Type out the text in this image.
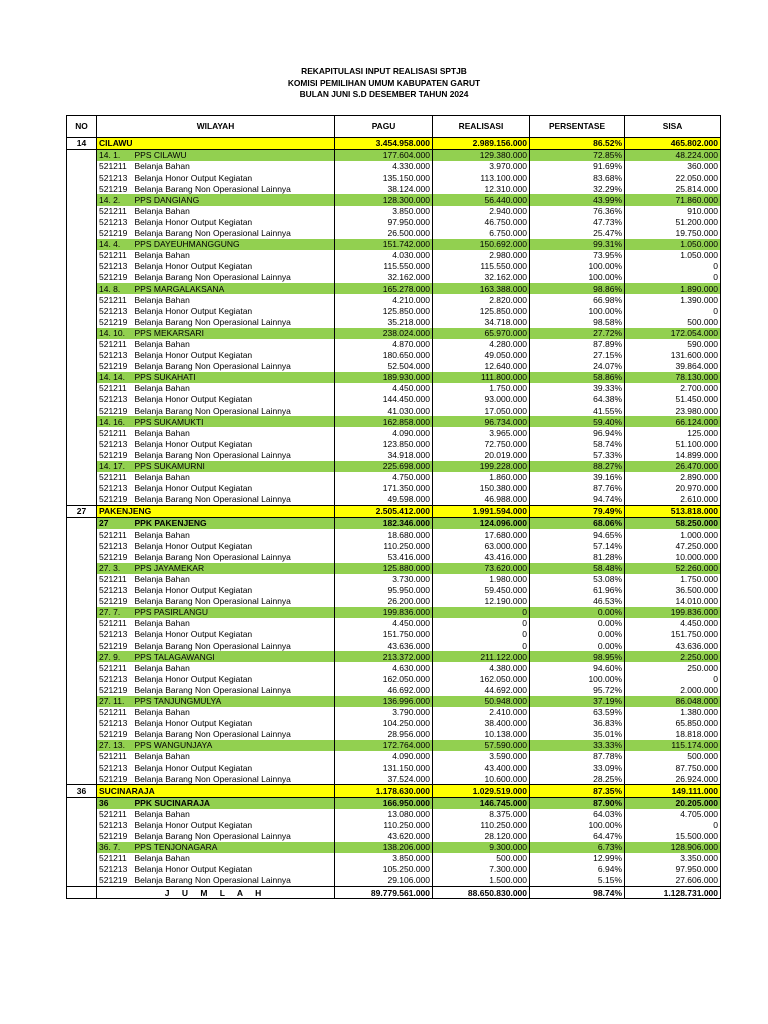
REKAPITULASI INPUT REALISASI SPTJB
KOMISI PEMILIHAN UMUM KABUPATEN GARUT
BULAN JUNI S.D DESEMBER TAHUN 2024
NO	WILAYAH		PAGU	REALISASI	PERSENTASE	SISA
14	CILAWU		3.454.958.000	2.989.156.000	86.52%	465.802.000
	14. 1.	PPS CILAWU	177.604.000	129.380.000	72.85%	48.224.000
	521211	Belanja Bahan	4.330.000	3.970.000	91.69%	360.000
	521213	Belanja Honor Output Kegiatan	135.150.000	113.100.000	83.68%	22.050.000
	521219	Belanja Barang Non Operasional Lainnya	38.124.000	12.310.000	32.29%	25.814.000
	14. 2.	PPS DANGIANG	128.300.000	56.440.000	43.99%	71.860.000
	521211	Belanja Bahan	3.850.000	2.940.000	76.36%	910.000
	521213	Belanja Honor Output Kegiatan	97.950.000	46.750.000	47.73%	51.200.000
	521219	Belanja Barang Non Operasional Lainnya	26.500.000	6.750.000	25.47%	19.750.000
	14. 4.	PPS DAYEUHMANGGUNG	151.742.000	150.692.000	99.31%	1.050.000
	521211	Belanja Bahan	4.030.000	2.980.000	73.95%	1.050.000
	521213	Belanja Honor Output Kegiatan	115.550.000	115.550.000	100.00%	0
	521219	Belanja Barang Non Operasional Lainnya	32.162.000	32.162.000	100.00%	0
	14. 8.	PPS MARGALAKSANA	165.278.000	163.388.000	98.86%	1.890.000
	521211	Belanja Bahan	4.210.000	2.820.000	66.98%	1.390.000
	521213	Belanja Honor Output Kegiatan	125.850.000	125.850.000	100.00%	0
	521219	Belanja Barang Non Operasional Lainnya	35.218.000	34.718.000	98.58%	500.000
	14. 10.	PPS MEKARSARI	238.024.000	65.970.000	27.72%	172.054.000
	521211	Belanja Bahan	4.870.000	4.280.000	87.89%	590.000
	521213	Belanja Honor Output Kegiatan	180.650.000	49.050.000	27.15%	131.600.000
	521219	Belanja Barang Non Operasional Lainnya	52.504.000	12.640.000	24.07%	39.864.000
	14. 14.	PPS SUKAHATI	189.930.000	111.800.000	58.86%	78.130.000
	521211	Belanja Bahan	4.450.000	1.750.000	39.33%	2.700.000
	521213	Belanja Honor Output Kegiatan	144.450.000	93.000.000	64.38%	51.450.000
	521219	Belanja Barang Non Operasional Lainnya	41.030.000	17.050.000	41.55%	23.980.000
	14. 16.	PPS SUKAMUKTI	162.858.000	96.734.000	59.40%	66.124.000
	521211	Belanja Bahan	4.090.000	3.965.000	96.94%	125.000
	521213	Belanja Honor Output Kegiatan	123.850.000	72.750.000	58.74%	51.100.000
	521219	Belanja Barang Non Operasional Lainnya	34.918.000	20.019.000	57.33%	14.899.000
	14. 17.	PPS SUKAMURNI	225.698.000	199.228.000	88.27%	26.470.000
	521211	Belanja Bahan	4.750.000	1.860.000	39.16%	2.890.000
	521213	Belanja Honor Output Kegiatan	171.350.000	150.380.000	87.76%	20.970.000
	521219	Belanja Barang Non Operasional Lainnya	49.598.000	46.988.000	94.74%	2.610.000
27	PAKENJENG		2.505.412.000	1.991.594.000	79.49%	513.818.000
	27	PPK PAKENJENG	182.346.000	124.096.000	68.06%	58.250.000
	521211	Belanja Bahan	18.680.000	17.680.000	94.65%	1.000.000
	521213	Belanja Honor Output Kegiatan	110.250.000	63.000.000	57.14%	47.250.000
	521219	Belanja Barang Non Operasional Lainnya	53.416.000	43.416.000	81.28%	10.000.000
	27. 3.	PPS JAYAMEKAR	125.880.000	73.620.000	58.48%	52.260.000
	521211	Belanja Bahan	3.730.000	1.980.000	53.08%	1.750.000
	521213	Belanja Honor Output Kegiatan	95.950.000	59.450.000	61.96%	36.500.000
	521219	Belanja Barang Non Operasional Lainnya	26.200.000	12.190.000	46.53%	14.010.000
	27. 7.	PPS PASIRLANGU	199.836.000	0	0.00%	199.836.000
	521211	Belanja Bahan	4.450.000	0	0.00%	4.450.000
	521213	Belanja Honor Output Kegiatan	151.750.000	0	0.00%	151.750.000
	521219	Belanja Barang Non Operasional Lainnya	43.636.000	0	0.00%	43.636.000
	27. 9.	PPS TALAGAWANGI	213.372.000	211.122.000	98.95%	2.250.000
	521211	Belanja Bahan	4.630.000	4.380.000	94.60%	250.000
	521213	Belanja Honor Output Kegiatan	162.050.000	162.050.000	100.00%	0
	521219	Belanja Barang Non Operasional Lainnya	46.692.000	44.692.000	95.72%	2.000.000
	27. 11.	PPS TANJUNGMULYA	136.996.000	50.948.000	37.19%	86.048.000
	521211	Belanja Bahan	3.790.000	2.410.000	63.59%	1.380.000
	521213	Belanja Honor Output Kegiatan	104.250.000	38.400.000	36.83%	65.850.000
	521219	Belanja Barang Non Operasional Lainnya	28.956.000	10.138.000	35.01%	18.818.000
	27. 13.	PPS WANGUNJAYA	172.764.000	57.590.000	33.33%	115.174.000
	521211	Belanja Bahan	4.090.000	3.590.000	87.78%	500.000
	521213	Belanja Honor Output Kegiatan	131.150.000	43.400.000	33.09%	87.750.000
	521219	Belanja Barang Non Operasional Lainnya	37.524.000	10.600.000	28.25%	26.924.000
36	SUCINARAJA		1.178.630.000	1.029.519.000	87.35%	149.111.000
	36	PPK SUCINARAJA	166.950.000	146.745.000	87.90%	20.205.000
	521211	Belanja Bahan	13.080.000	8.375.000	64.03%	4.705.000
	521213	Belanja Honor Output Kegiatan	110.250.000	110.250.000	100.00%	0
	521219	Belanja Barang Non Operasional Lainnya	43.620.000	28.120.000	64.47%	15.500.000
	36. 7.	PPS TENJONAGARA	138.206.000	9.300.000	6.73%	128.906.000
	521211	Belanja Bahan	3.850.000	500.000	12.99%	3.350.000
	521213	Belanja Honor Output Kegiatan	105.250.000	7.300.000	6.94%	97.950.000
	521219	Belanja Barang Non Operasional Lainnya	29.106.000	1.500.000	5.15%	27.606.000
	J U M L A H		89.779.561.000	88.650.830.000	98.74%	1.128.731.000
